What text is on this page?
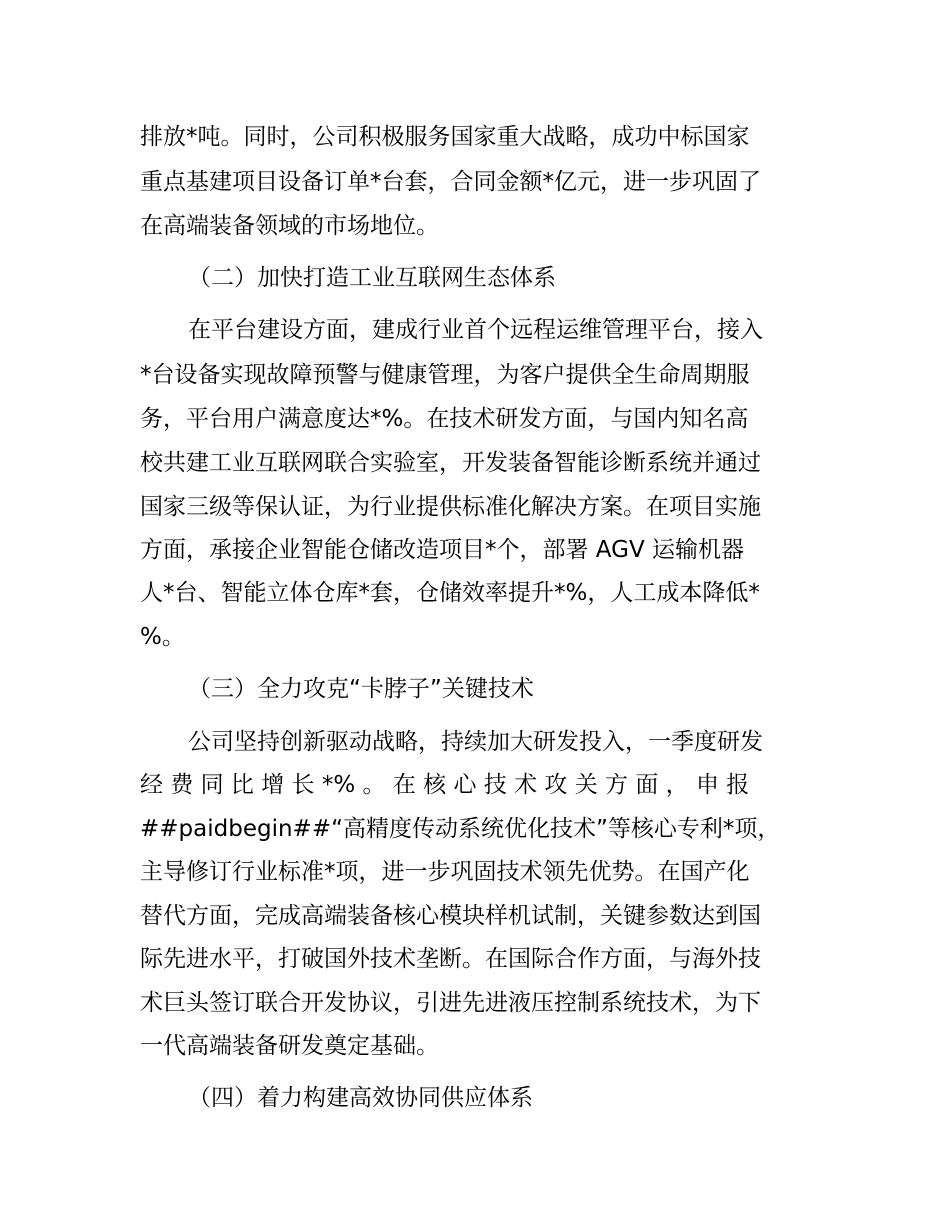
排放*吨。同时，公司积极服务国家重大战略，成功中标国家
重点基建项目设备订单*台套，合同金额*亿元，进一步巩固了
在高端装备领域的市场地位。
（二）加快打造工业互联网生态体系
在平台建设方面，建成行业首个远程运维管理平台，接入
*台设备实现故障预警与健康管理，为客户提供全生命周期服
务，平台用户满意度达*%。在技术研发方面，与国内知名高
校共建工业互联网联合实验室，开发装备智能诊断系统并通过
国家三级等保认证，为行业提供标准化解决方案。在项目实施
方面，承接企业智能仓储改造项目*个，部署 AGV 运输机器
人*台、智能立体仓库*套，仓储效率提升*%，人工成本降低*
%。
（三）全力攻克“卡脖子”关键技术
公司坚持创新驱动战略，持续加大研发投入，一季度研发
经 费 同 比 增 长 *% 。 在 核 心 技 术 攻 关 方 面 ， 申 报
##paidbegin##“高精度传动系统优化技术”等核心专利*项，
主导修订行业标准*项，进一步巩固技术领先优势。在国产化
替代方面，完成高端装备核心模块样机试制，关键参数达到国
际先进水平，打破国外技术垄断。在国际合作方面，与海外技
术巨头签订联合开发协议，引进先进液压控制系统技术，为下
一代高端装备研发奠定基础。
（四）着力构建高效协同供应体系
